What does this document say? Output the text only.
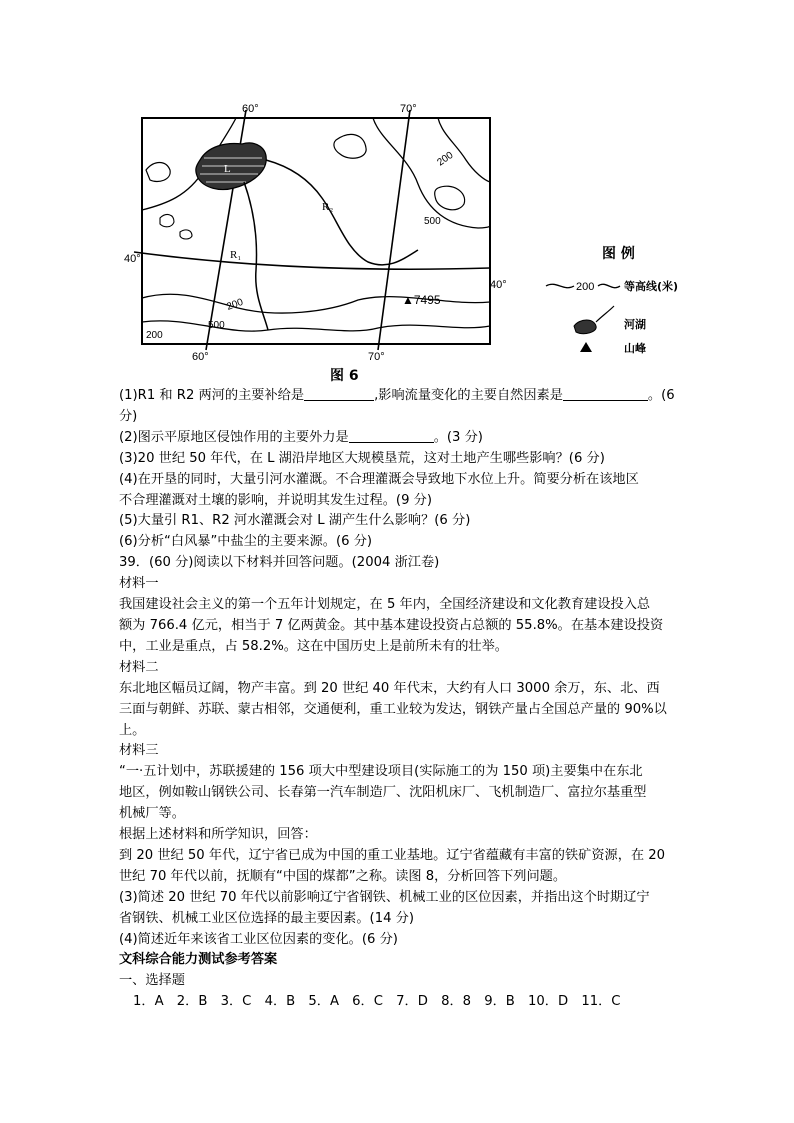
60°	70°
60°	70°
40°
40°
200
500
200
500
200
R₁
R₂
L
▲7495
图 6
图 例
200	等高线(米)
河湖
山峰

(1)R1 和 R2 两河的主要补给是	,影响流量变化的主要自然因素是	。(6

分)

(2)图示平原地区侵蚀作用的主要外力是	。(3 分)

(3)20 世纪 50 年代，在 L 湖沿岸地区大规模垦荒，这对土地产生哪些影响？(6 分)

(4)在开垦的同时，大量引河水灌溉。不合理灌溉会导致地下水位上升。简要分析在该地区

不合理灌溉对土壤的影响，并说明其发生过程。(9 分)

(5)大量引 R1、R2 河水灌溉会对 L 湖产生什么影响？(6 分)

(6)分析“白风暴”中盐尘的主要来源。(6 分)

39．(60 分)阅读以下材料并回答问题。(2004 浙江卷)

材料一

我国建设社会主义的第一个五年计划规定，在 5 年内，全国经济建设和文化教育建设投入总

额为 766.4 亿元，相当于 7 亿两黄金。其中基本建设投资占总额的 55.8%。在基本建设投资

中，工业是重点，占 58.2%。这在中国历史上是前所未有的壮举。

材料二

东北地区幅员辽阔，物产丰富。到 20 世纪 40 年代末，大约有人口 3000 余万，东、北、西

三面与朝鲜、苏联、蒙古相邻，交通便利，重工业较为发达，钢铁产量占全国总产量的 90%以

上。

材料三

“一·五计划中，苏联援建的 156 项大中型建设项目(实际施工的为 150 项)主要集中在东北

地区，例如鞍山钢铁公司、长春第一汽车制造厂、沈阳机床厂、飞机制造厂、富拉尔基重型

机械厂等。

根据上述材料和所学知识，回答：

到 20 世纪 50 年代，辽宁省已成为中国的重工业基地。辽宁省蕴藏有丰富的铁矿资源，在 20

世纪 70 年代以前，抚顺有“中国的煤都”之称。读图 8，分析回答下列问题。

(3)简述 20 世纪 70 年代以前影响辽宁省钢铁、机械工业的区位因素，并指出这个时期辽宁

省钢铁、机械工业区位选择的最主要因素。(14 分)

(4)简述近年来该省工业区位因素的变化。(6 分)

文科综合能力测试参考答案

一、选择题

1．A　2．B　3．C　4．B　5．A　6．C　7．D　8．8　9．B　10．D　11．C
